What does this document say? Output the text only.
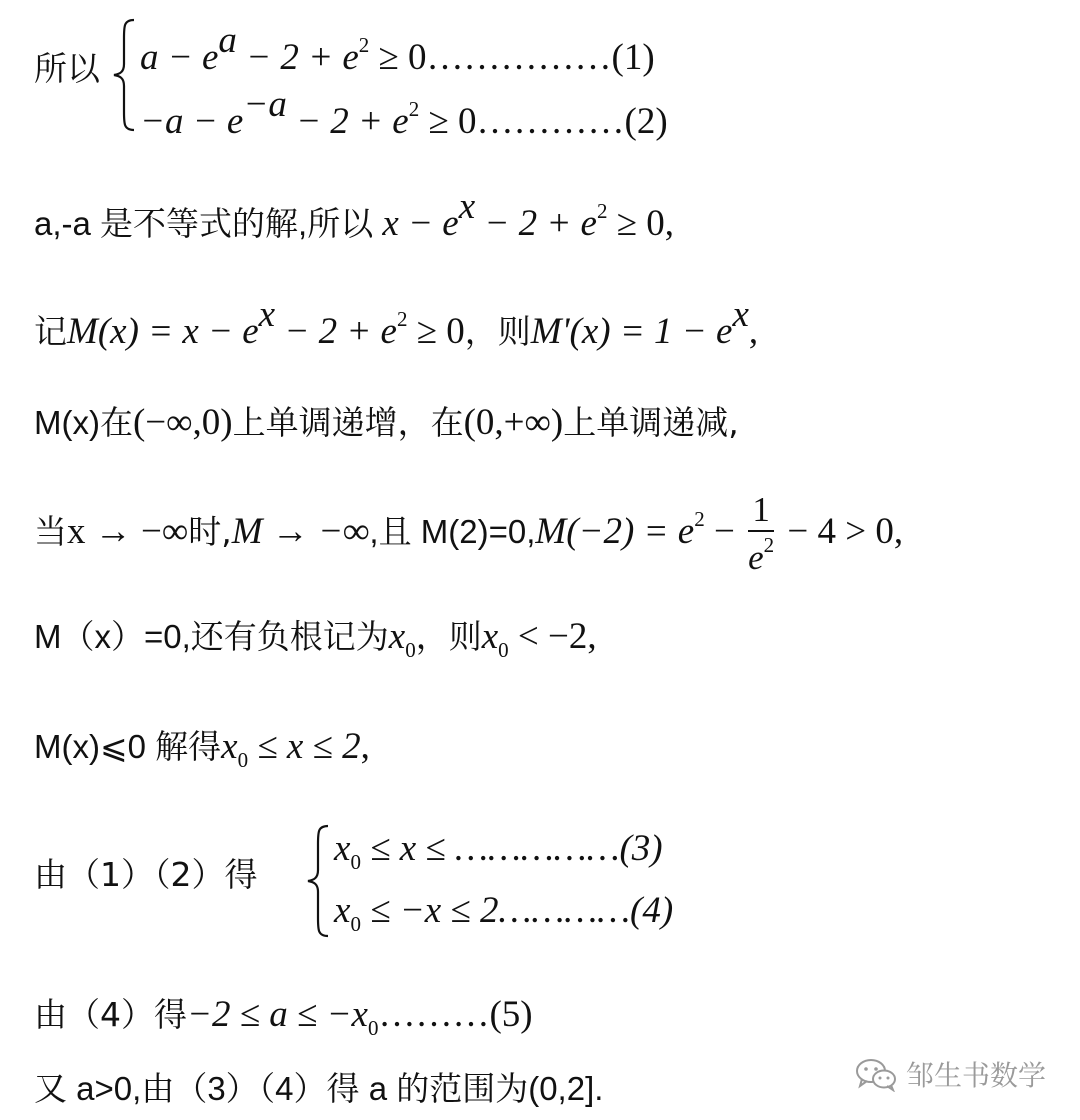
所以 $a - e^a - 2 + e^2$ ≥ 0……………(1)
$-a - e^{-a} - 2 + e^2$ ≥ 0…………(2)
a,-a 是不等式的解,所以 $x - e^x - 2 + e^2 \ge 0$,
记$M(x) = x - e^x - 2 + e^2 \ge 0$，则$M'(x) = 1 - e^x$,
M(x)在(−∞,0)上单调递增，在(0,+∞)上单调递减,
当x → −∞时,M → −∞,且 $M(2)=0,M(-2) = e^2 - \frac{1}{e^2} - 4 > 0$,
M（x）=0,还有负根记为$x_0$，则$x_0 < -2$,
M(x)⩽0 解得$x_0 \le x \le 2$,
由（1）（2）得
$x_0 \le x$ ≤ ……………(3)
$x_0 \le -x$ ≤ 2…………(4)
由（4）得$-2 \le a \le -x_0\dots\dots\dots(5)$
又 a>0,由（3）（4）得 a 的范围为(0,2].	邹生书数学
